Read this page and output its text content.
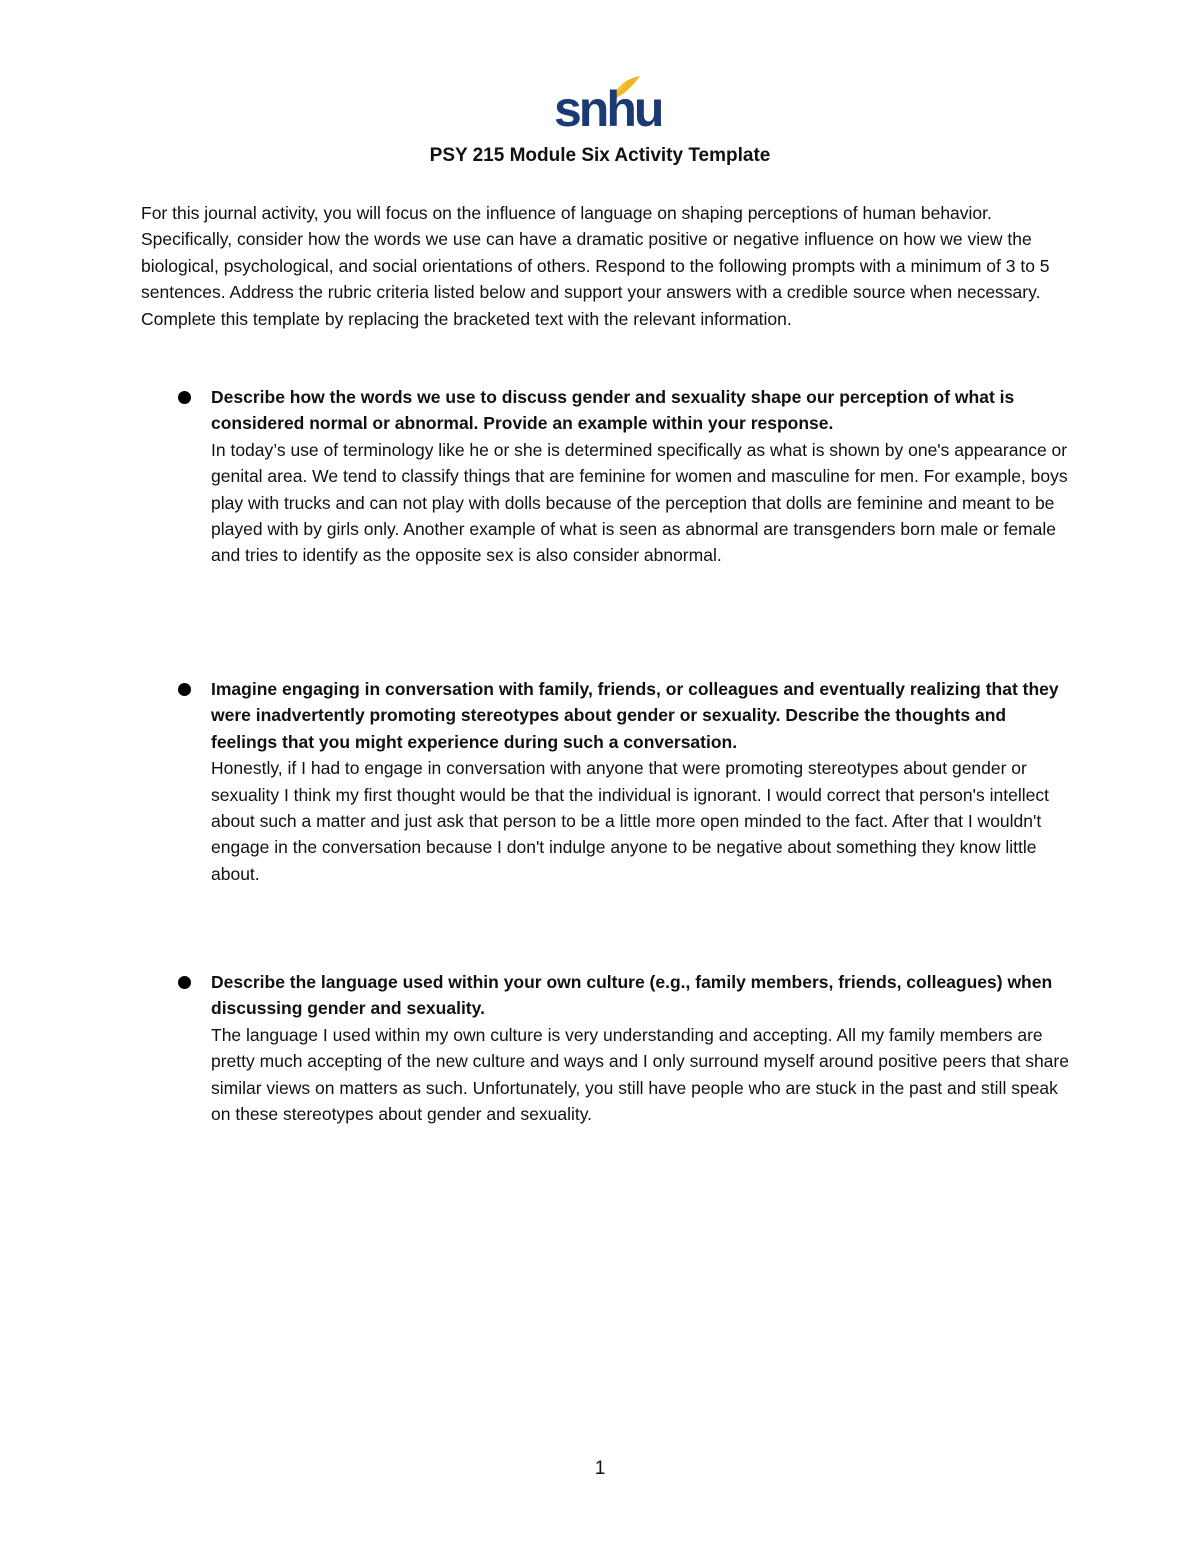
snhu
PSY 215 Module Six Activity Template

For this journal activity, you will focus on the influence of language on shaping perceptions of human behavior. Specifically, consider how the words we use can have a dramatic positive or negative influence on how we view the biological, psychological, and social orientations of others. Respond to the following prompts with a minimum of 3 to 5 sentences. Address the rubric criteria listed below and support your answers with a credible source when necessary. Complete this template by replacing the bracketed text with the relevant information.

Describe how the words we use to discuss gender and sexuality shape our perception of what is considered normal or abnormal. Provide an example within your response.

In today’s use of terminology like he or she is determined specifically as what is shown by one's appearance or genital area. We tend to classify things that are feminine for women and masculine for men. For example, boys play with trucks and can not play with dolls because of the perception that dolls are feminine and meant to be played with by girls only. Another example of what is seen as abnormal are transgenders born male or female and tries to identify as the opposite sex is also consider abnormal.

Imagine engaging in conversation with family, friends, or colleagues and eventually realizing that they were inadvertently promoting stereotypes about gender or sexuality. Describe the thoughts and feelings that you might experience during such a conversation.

Honestly, if I had to engage in conversation with anyone that were promoting stereotypes about gender or sexuality I think my first thought would be that the individual is ignorant. I would correct that person's intellect about such a matter and just ask that person to be a little more open minded to the fact. After that I wouldn't engage in the conversation because I don't indulge anyone to be negative about something they know little about.

Describe the language used within your own culture (e.g., family members, friends, colleagues) when discussing gender and sexuality.

The language I used within my own culture is very understanding and accepting. All my family members are pretty much accepting of the new culture and ways and I only surround myself around positive peers that share similar views on matters as such. Unfortunately, you still have people who are stuck in the past and still speak on these stereotypes about gender and sexuality.

1
